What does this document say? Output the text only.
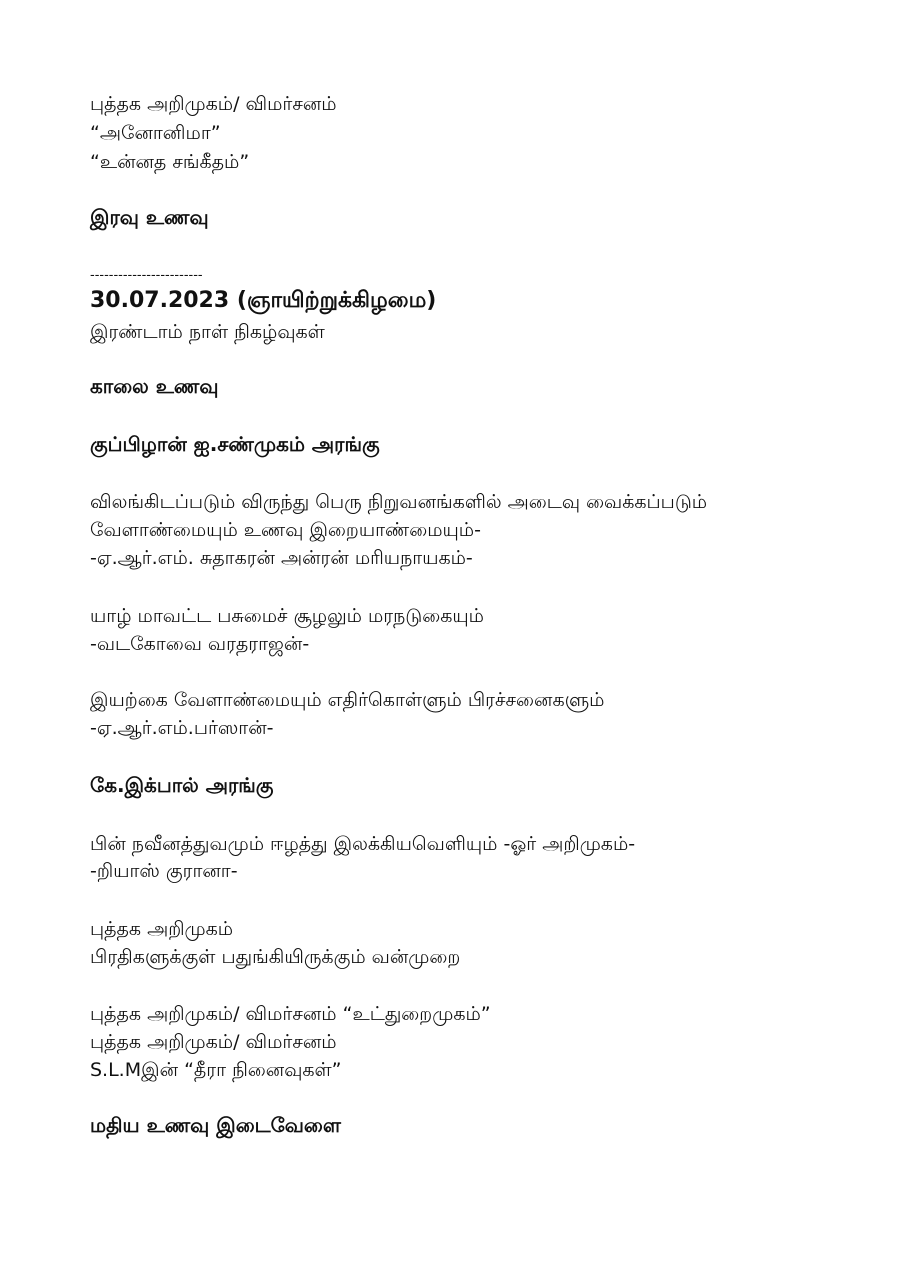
புத்தக அறிமுகம்/ விமர்சனம்
“அனோனிமா”
“உன்னத சங்கீதம்”
இரவு உணவு
------------------------
30.07.2023 (ஞாயிற்றுக்கிழமை)
இரண்டாம் நாள் நிகழ்வுகள்
காலை உணவு
குப்பிழான் ஐ.சண்முகம் அரங்கு
விலங்கிடப்படும் விருந்து பெரு நிறுவனங்களில் அடைவு வைக்கப்படும்
வேளாண்மையும் உணவு இறையாண்மையும்-
-ஏ.ஆர்.எம். சுதாகரன் அன்ரன் மரியநாயகம்-
யாழ் மாவட்ட பசுமைச் சூழலும் மரநடுகையும்
-வடகோவை வரதராஜன்-
இயற்கை வேளாண்மையும் எதிர்கொள்ளும் பிரச்சனைகளும்
-ஏ.ஆர்.எம்.பர்ஸான்-
கே.இக்பால் அரங்கு
பின் நவீனத்துவமும் ஈழத்து இலக்கியவெளியும் -ஓர் அறிமுகம்-
-றியாஸ் குரானா-
புத்தக அறிமுகம்
பிரதிகளுக்குள் பதுங்கியிருக்கும் வன்முறை
புத்தக அறிமுகம்/ விமர்சனம் “உட்துறைமுகம்”
புத்தக அறிமுகம்/ விமர்சனம்
S.L.Mஇன் “தீரா நினைவுகள்”
மதிய உணவு இடைவேளை
